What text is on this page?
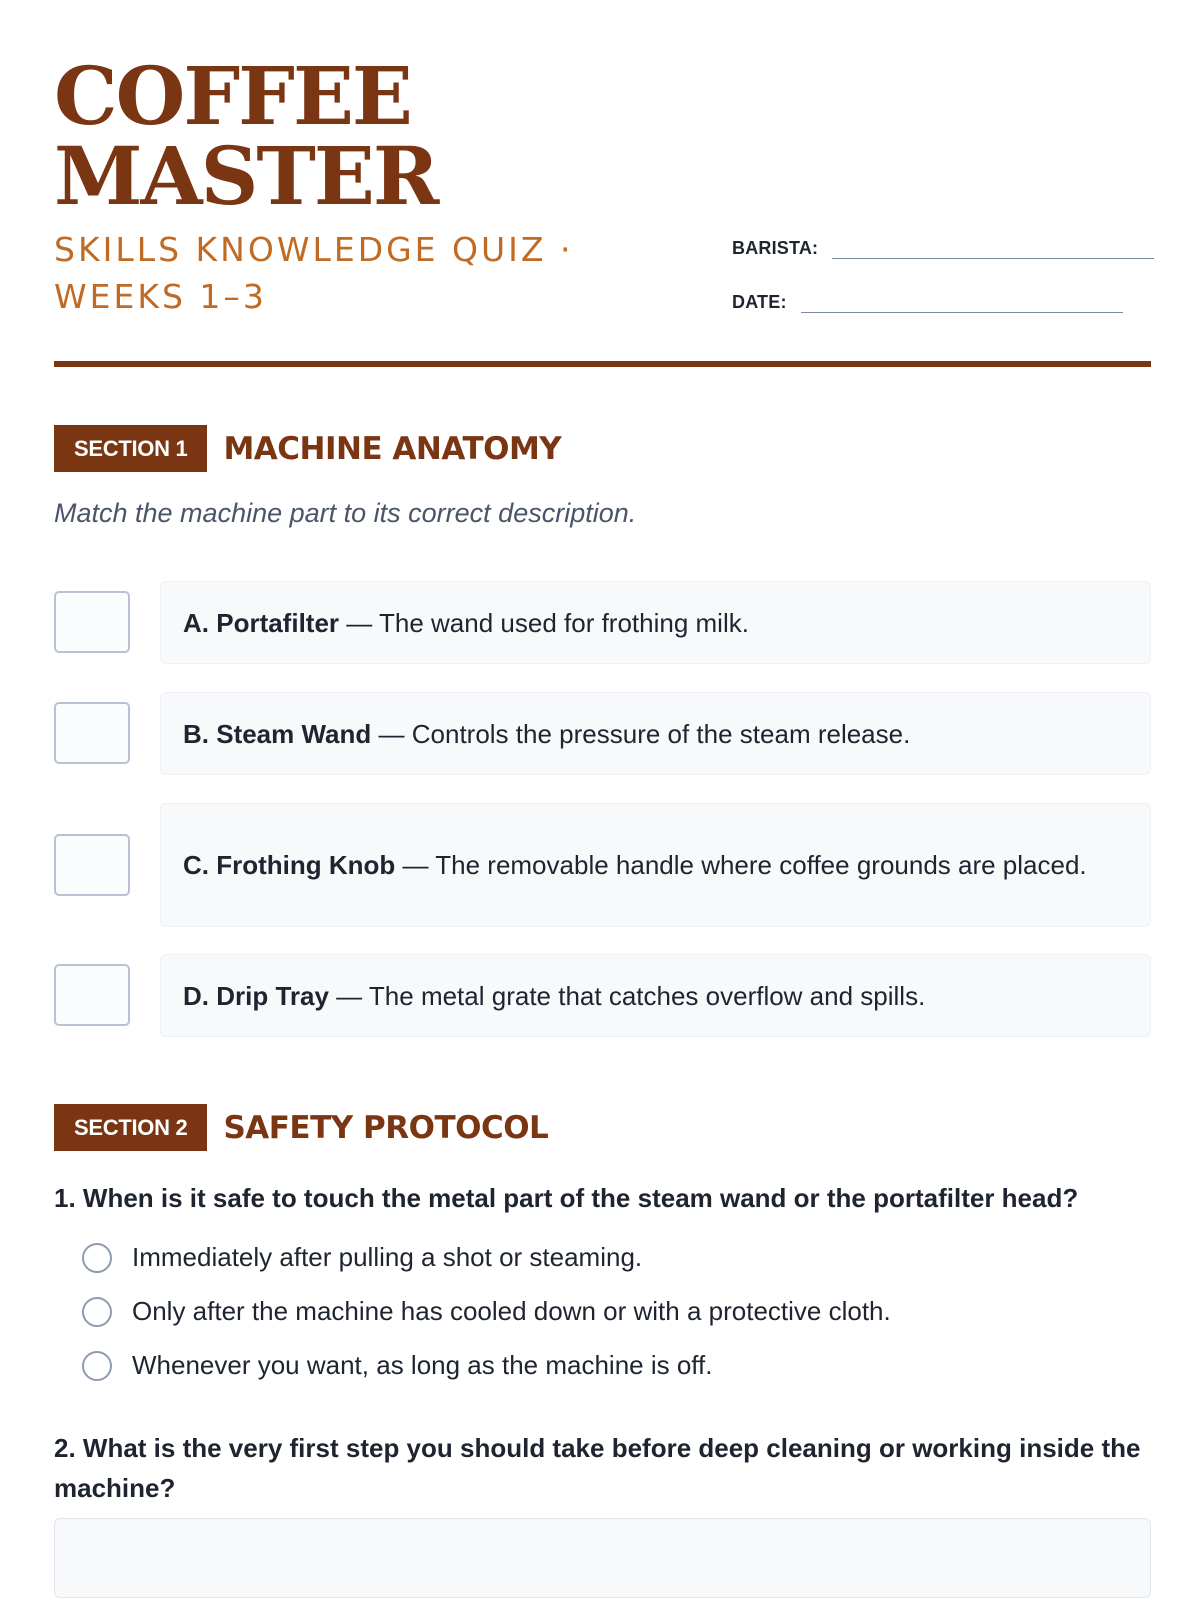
COFFEE
MASTER
SKILLS KNOWLEDGE QUIZ · WEEKS 1–3
BARISTA:
DATE:
SECTION 1	MACHINE ANATOMY

Match the machine part to its correct description.

A. Portafilter — The wand used for frothing milk.

B. Steam Wand — Controls the pressure of the steam release.

C. Frothing Knob — The removable handle where coffee grounds are placed.

D. Drip Tray — The metal grate that catches overflow and spills.

SECTION 2	SAFETY PROTOCOL

1. When is it safe to touch the metal part of the steam wand or the portafilter head?

Immediately after pulling a shot or steaming.
Only after the machine has cooled down or with a protective cloth.
Whenever you want, as long as the machine is off.

2. What is the very first step you should take before deep cleaning or working inside the machine?
